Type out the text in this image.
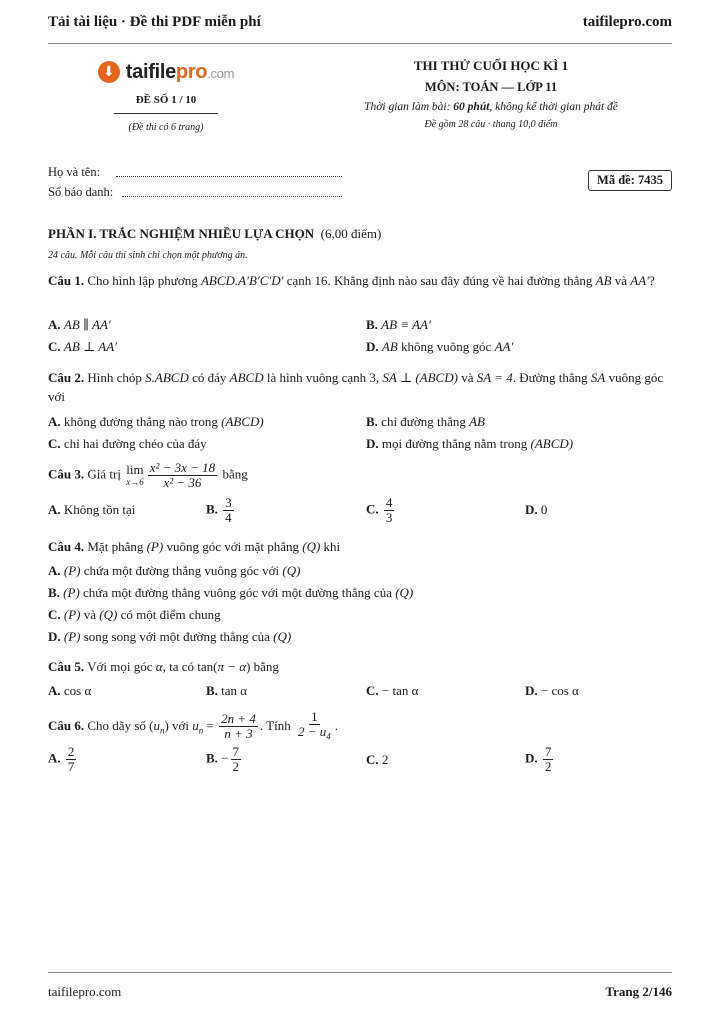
Tải tài liệu · Đề thi PDF miễn phí	taifilepro.com
⬇ taifilepro.com
ĐỀ SỐ 1 / 10
(Đề thi có 6 trang)
THI THỬ CUỐI HỌC KÌ 1
MÔN: TOÁN — LỚP 11
Thời gian làm bài: 60 phút, không kể thời gian phát đề
Đề gồm 28 câu · thang 10,0 điểm
Họ và tên:
Số báo danh:
Mã đề: 7435
PHẦN I. TRẮC NGHIỆM NHIỀU LỰA CHỌN (6,00 điểm)
24 câu. Mỗi câu thí sinh chỉ chọn một phương án.
Câu 1. Cho hình lập phương ABCD.A′B′C′D′ cạnh 16. Khẳng định nào sau đây đúng về hai đường thẳng AB và AA′?
A. AB ∥ AA′	B. AB ≡ AA′
C. AB ⊥ AA′	D. AB không vuông góc AA′
Câu 2. Hình chóp S.ABCD có đáy ABCD là hình vuông cạnh 3, SA ⊥ (ABCD) và SA = 4. Đường thẳng SA vuông góc với
A. không đường thẳng nào trong (ABCD)	B. chỉ đường thẳng AB
C. chỉ hai đường chéo của đáy	D. mọi đường thẳng nằm trong (ABCD)
Câu 3. Giá trị lim
$x\to 6 \frac{\text{x² − 3x − 18}}{\text{x² − 36}}$ bằng
A. Không tồn tại	B. $\frac{3}{4}$	C. $\frac{4}{3}$	D. 0
Câu 4. Mặt phẳng (P) vuông góc với mặt phẳng (Q) khi
A. (P) chứa một đường thẳng vuông góc với (Q)
B. (P) chứa một đường thẳng vuông góc với một đường thẳng của (Q)
C. (P) và (Q) có một điểm chung
D. (P) song song với một đường thẳng của (Q)
Câu 5. Với mọi góc α, ta có tan(π − α) bằng
A. cos α	B. tan α	C. − tan α	D. − cos α
Câu 6. Cho dãy số $(u_n)$ với $u_n = \frac{2n + 4}{n + 3}$ . Tính $\frac{1}{2 - u_4}$ .
A. $\frac{2}{7}$	B. − $\frac{7}{2}$	C. 2	D. $\frac{7}{2}$
taifilepro.com	Trang 2/146
